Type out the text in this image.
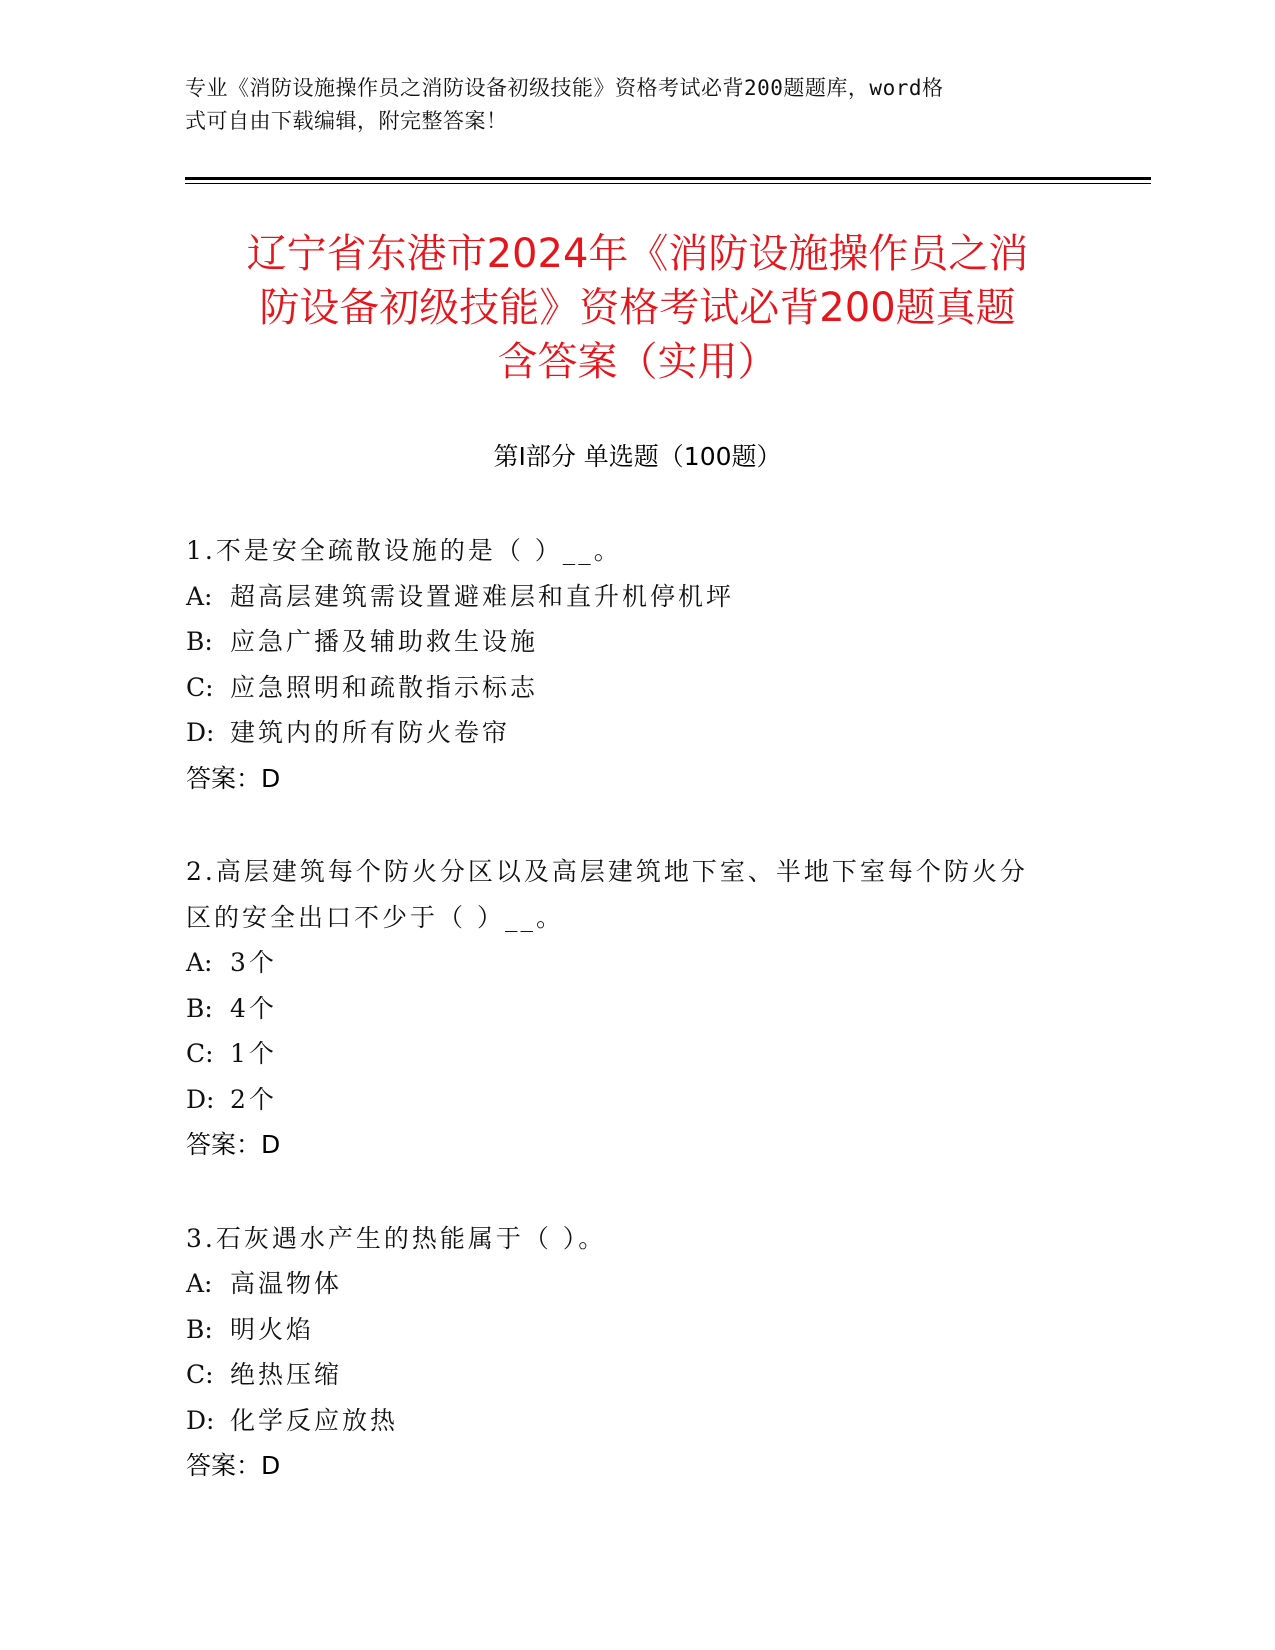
专业《消防设施操作员之消防设备初级技能》资格考试必背200题题库，word格
式可自由下载编辑，附完整答案！
辽宁省东港市2024年《消防设施操作员之消
防设备初级技能》资格考试必背200题真题
含答案（实用）
第Ⅰ部分 单选题（100题）

1.不是安全疏散设施的是（ ）__。

A: 超高层建筑需设置避难层和直升机停机坪

B: 应急广播及辅助救生设施

C: 应急照明和疏散指示标志

D: 建筑内的所有防火卷帘

答案：D

2.高层建筑每个防火分区以及高层建筑地下室、半地下室每个防火分

区的安全出口不少于（ ）__。

A: 3个

B: 4个

C: 1个

D: 2个

答案：D

3.石灰遇水产生的热能属于（ ）。

A: 高温物体

B: 明火焰

C: 绝热压缩

D: 化学反应放热

答案：D
